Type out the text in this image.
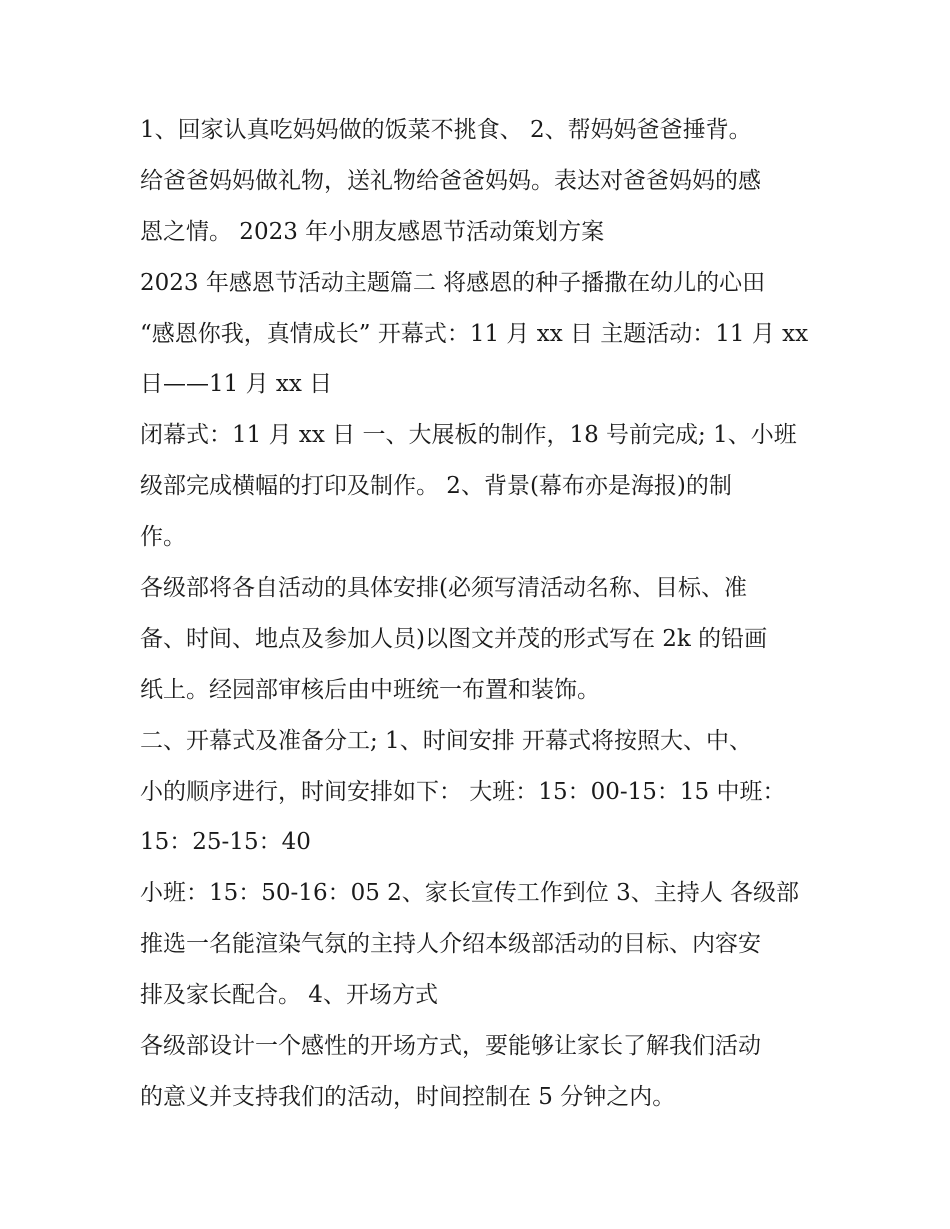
1、回家认真吃妈妈做的饭菜不挑食、 2、帮妈妈爸爸捶背。
给爸爸妈妈做礼物，送礼物给爸爸妈妈。表达对爸爸妈妈的感
恩之情。 2023 年小朋友感恩节活动策划方案
2023 年感恩节活动主题篇二 将感恩的种子播撒在幼儿的心田
“感恩你我，真情成长” 开幕式：11 月 xx 日 主题活动：11 月 xx
日——11 月 xx 日
闭幕式：11 月 xx 日 一、大展板的制作，18 号前完成; 1、小班
级部完成横幅的打印及制作。 2、背景(幕布亦是海报)的制
作。
各级部将各自活动的具体安排(必须写清活动名称、目标、准
备、时间、地点及参加人员)以图文并茂的形式写在 2k 的铅画
纸上。经园部审核后由中班统一布置和装饰。
二、开幕式及准备分工; 1、时间安排 开幕式将按照大、中、
小的顺序进行，时间安排如下： 大班：15：00-15：15 中班：
15：25-15：40
小班：15：50-16：05 2、家长宣传工作到位 3、主持人 各级部
推选一名能渲染气氛的主持人介绍本级部活动的目标、内容安
排及家长配合。 4、开场方式
各级部设计一个感性的开场方式，要能够让家长了解我们活动
的意义并支持我们的活动，时间控制在 5 分钟之内。
